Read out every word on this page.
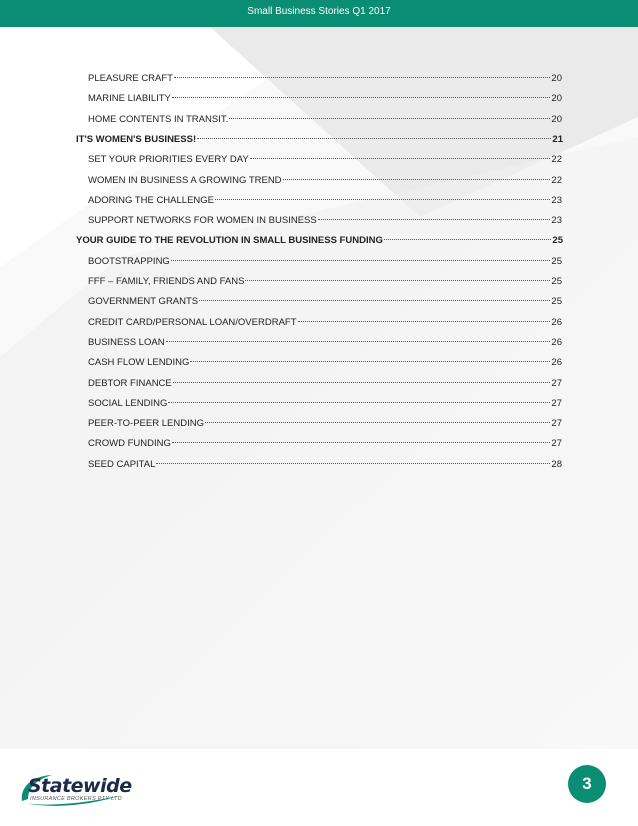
Small Business Stories Q1 2017
PLEASURE CRAFT	20
MARINE LIABILITY	20
HOME CONTENTS IN TRANSIT.	20
IT'S WOMEN'S BUSINESS!	21
SET YOUR PRIORITIES EVERY DAY	22
WOMEN IN BUSINESS A GROWING TREND	22
ADORING THE CHALLENGE	23
SUPPORT NETWORKS FOR WOMEN IN BUSINESS	23
YOUR GUIDE TO THE REVOLUTION IN SMALL BUSINESS FUNDING	25
BOOTSTRAPPING	25
FFF – FAMILY, FRIENDS AND FANS	25
GOVERNMENT GRANTS	25
CREDIT CARD/PERSONAL LOAN/OVERDRAFT	26
BUSINESS LOAN	26
CASH FLOW LENDING	26
DEBTOR FINANCE	27
SOCIAL LENDING	27
PEER-TO-PEER LENDING	27
CROWD FUNDING	27
SEED CAPITAL	28
Statewide
INSURANCE BROKERS PTY LTD
3
